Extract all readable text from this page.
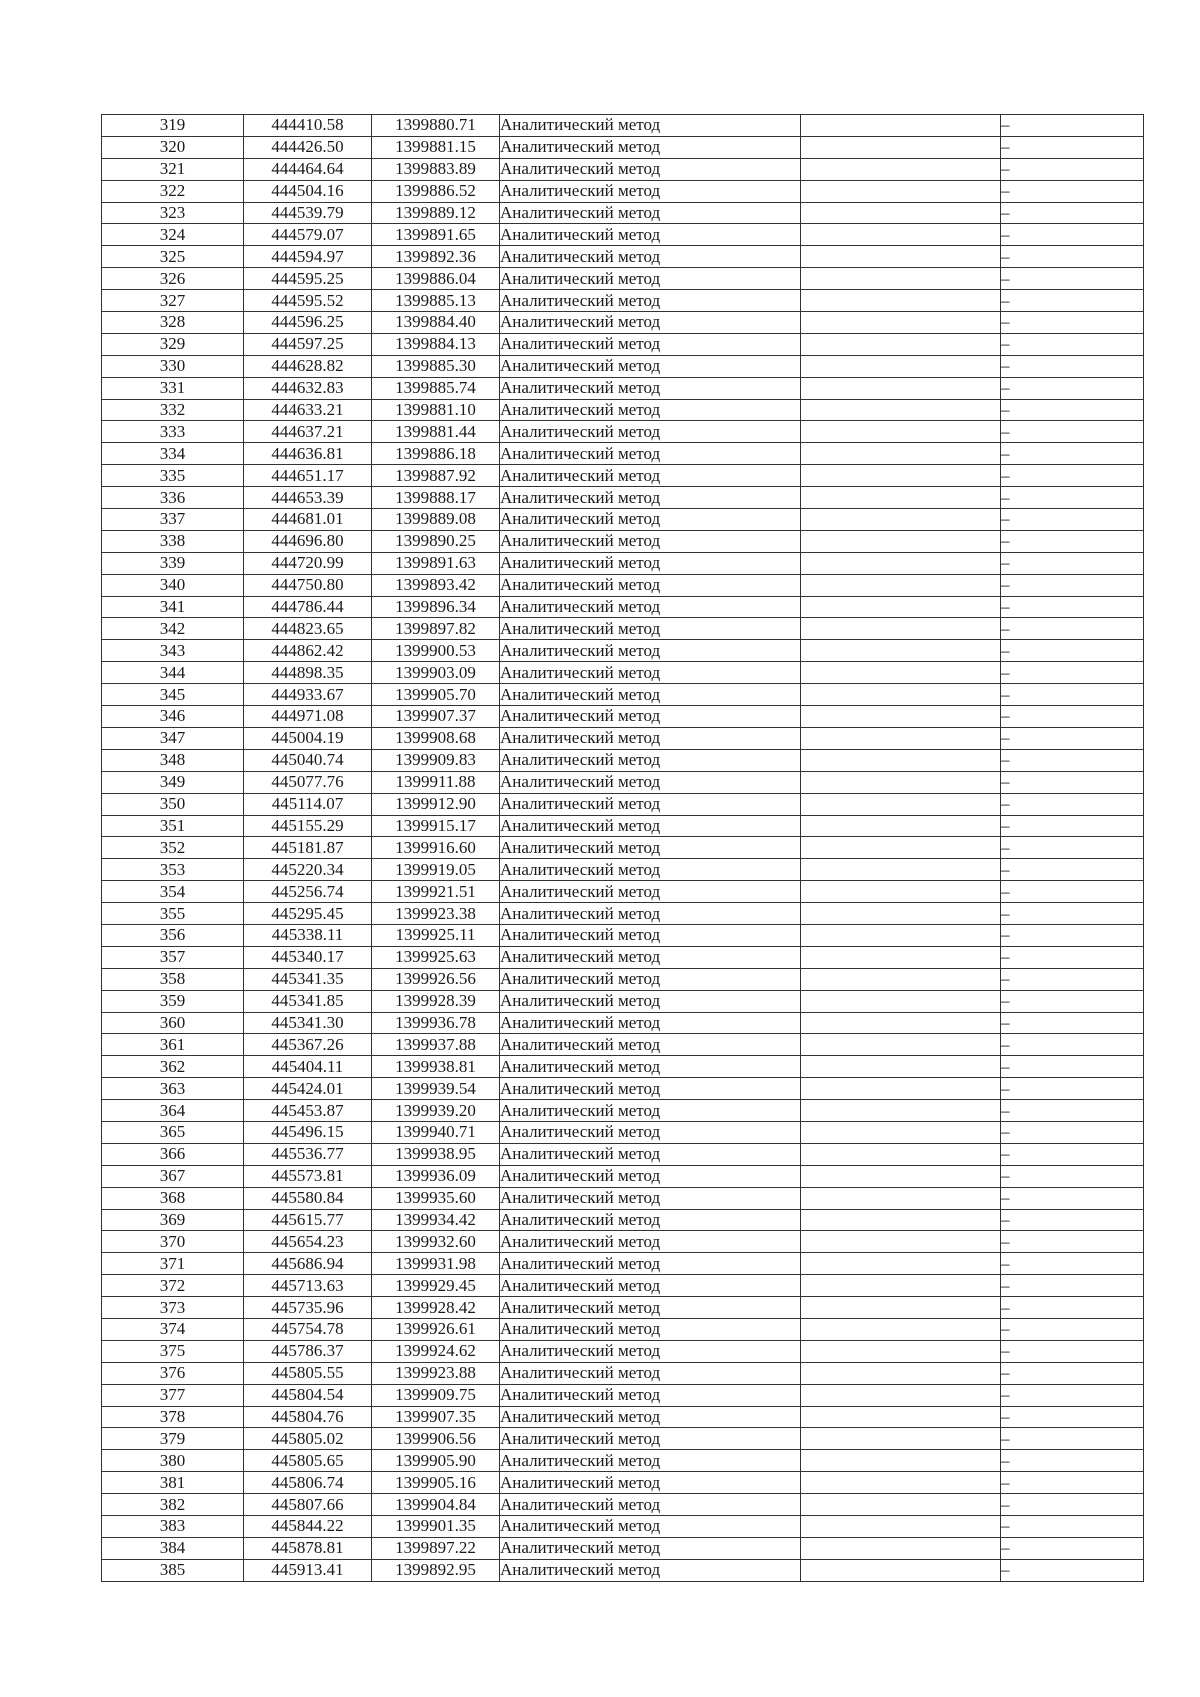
319	444410.58	1399880.71	Аналитический метод		–
320	444426.50	1399881.15	Аналитический метод		–
321	444464.64	1399883.89	Аналитический метод		–
322	444504.16	1399886.52	Аналитический метод		–
323	444539.79	1399889.12	Аналитический метод		–
324	444579.07	1399891.65	Аналитический метод		–
325	444594.97	1399892.36	Аналитический метод		–
326	444595.25	1399886.04	Аналитический метод		–
327	444595.52	1399885.13	Аналитический метод		–
328	444596.25	1399884.40	Аналитический метод		–
329	444597.25	1399884.13	Аналитический метод		–
330	444628.82	1399885.30	Аналитический метод		–
331	444632.83	1399885.74	Аналитический метод		–
332	444633.21	1399881.10	Аналитический метод		–
333	444637.21	1399881.44	Аналитический метод		–
334	444636.81	1399886.18	Аналитический метод		–
335	444651.17	1399887.92	Аналитический метод		–
336	444653.39	1399888.17	Аналитический метод		–
337	444681.01	1399889.08	Аналитический метод		–
338	444696.80	1399890.25	Аналитический метод		–
339	444720.99	1399891.63	Аналитический метод		–
340	444750.80	1399893.42	Аналитический метод		–
341	444786.44	1399896.34	Аналитический метод		–
342	444823.65	1399897.82	Аналитический метод		–
343	444862.42	1399900.53	Аналитический метод		–
344	444898.35	1399903.09	Аналитический метод		–
345	444933.67	1399905.70	Аналитический метод		–
346	444971.08	1399907.37	Аналитический метод		–
347	445004.19	1399908.68	Аналитический метод		–
348	445040.74	1399909.83	Аналитический метод		–
349	445077.76	1399911.88	Аналитический метод		–
350	445114.07	1399912.90	Аналитический метод		–
351	445155.29	1399915.17	Аналитический метод		–
352	445181.87	1399916.60	Аналитический метод		–
353	445220.34	1399919.05	Аналитический метод		–
354	445256.74	1399921.51	Аналитический метод		–
355	445295.45	1399923.38	Аналитический метод		–
356	445338.11	1399925.11	Аналитический метод		–
357	445340.17	1399925.63	Аналитический метод		–
358	445341.35	1399926.56	Аналитический метод		–
359	445341.85	1399928.39	Аналитический метод		–
360	445341.30	1399936.78	Аналитический метод		–
361	445367.26	1399937.88	Аналитический метод		–
362	445404.11	1399938.81	Аналитический метод		–
363	445424.01	1399939.54	Аналитический метод		–
364	445453.87	1399939.20	Аналитический метод		–
365	445496.15	1399940.71	Аналитический метод		–
366	445536.77	1399938.95	Аналитический метод		–
367	445573.81	1399936.09	Аналитический метод		–
368	445580.84	1399935.60	Аналитический метод		–
369	445615.77	1399934.42	Аналитический метод		–
370	445654.23	1399932.60	Аналитический метод		–
371	445686.94	1399931.98	Аналитический метод		–
372	445713.63	1399929.45	Аналитический метод		–
373	445735.96	1399928.42	Аналитический метод		–
374	445754.78	1399926.61	Аналитический метод		–
375	445786.37	1399924.62	Аналитический метод		–
376	445805.55	1399923.88	Аналитический метод		–
377	445804.54	1399909.75	Аналитический метод		–
378	445804.76	1399907.35	Аналитический метод		–
379	445805.02	1399906.56	Аналитический метод		–
380	445805.65	1399905.90	Аналитический метод		–
381	445806.74	1399905.16	Аналитический метод		–
382	445807.66	1399904.84	Аналитический метод		–
383	445844.22	1399901.35	Аналитический метод		–
384	445878.81	1399897.22	Аналитический метод		–
385	445913.41	1399892.95	Аналитический метод		–
